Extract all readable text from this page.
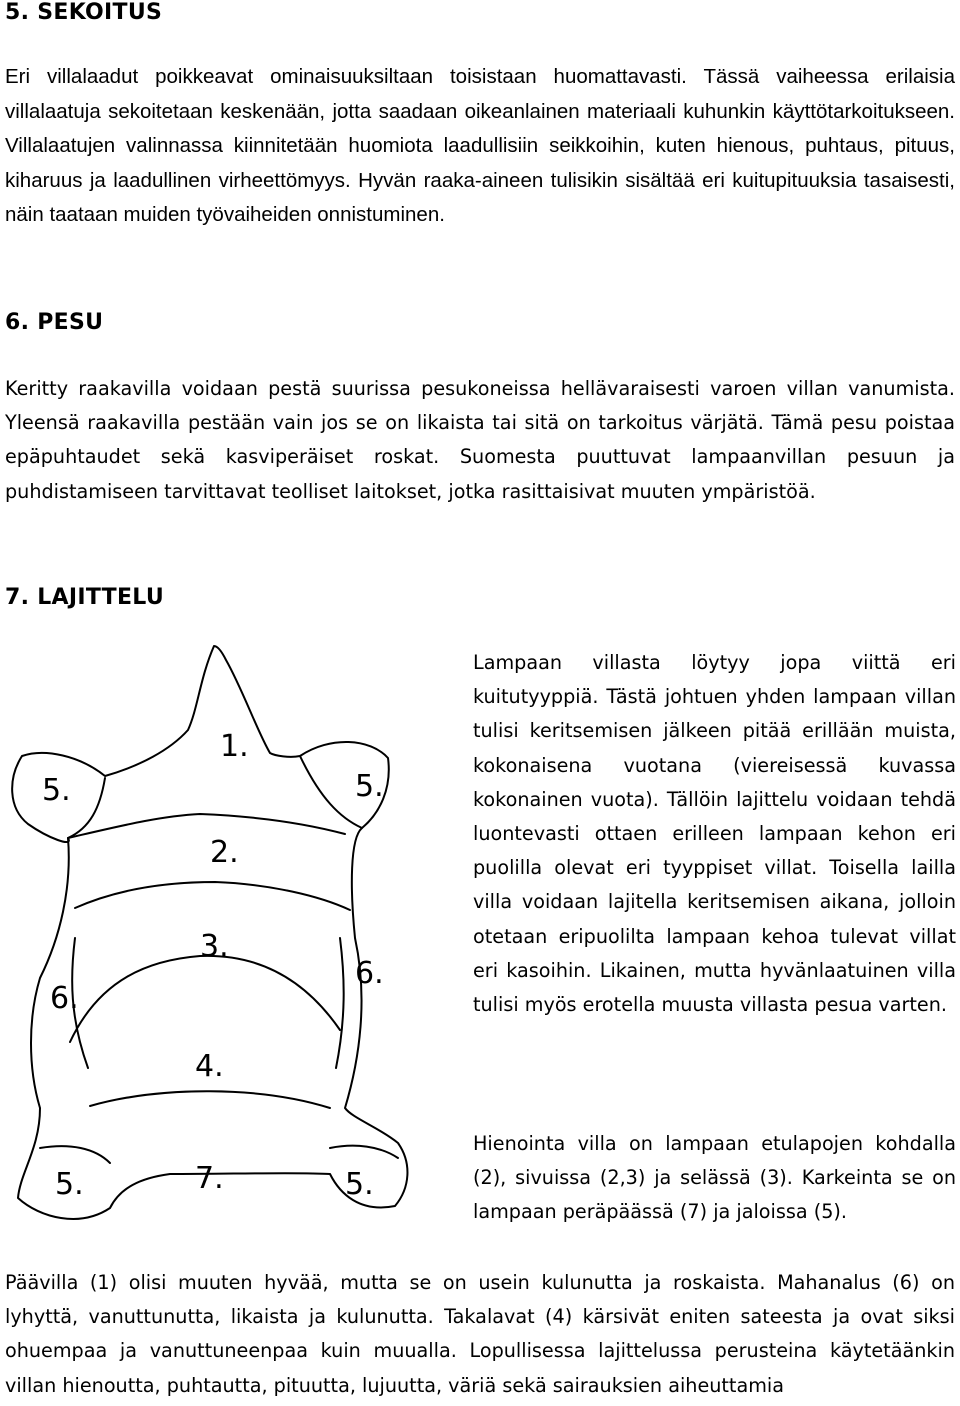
5. SEKOITUS

Eri villalaadut poikkeavat ominaisuuksiltaan toisistaan huomattavasti. Tässä vaiheessa erilaisia villalaatuja sekoitetaan keskenään, jotta saadaan oikeanlainen materiaali kuhunkin käyttötarkoitukseen. Villalaatujen valinnassa kiinnitetään huomiota laadullisiin seikkoihin, kuten hienous, puhtaus, pituus, kiharuus ja laadullinen virheettömyys. Hyvän raaka-aineen tulisikin sisältää eri kuitupituuksia tasaisesti, näin taataan muiden työvaiheiden onnistuminen.

6. PESU

Keritty raakavilla voidaan pestä suurissa pesukoneissa hellävaraisesti varoen villan vanumista. Yleensä raakavilla pestään vain jos se on likaista tai sitä on tarkoitus värjätä. Tämä pesu poistaa epäpuhtaudet sekä kasviperäiset roskat. Suomesta puuttuvat lampaanvillan pesuun ja puhdistamiseen tarvittavat teolliset laitokset, jotka rasittaisivat muuten ympäristöä.

7. LAJITTELU
1.
2.
3.
4.
5.	5.
5.	5.
6.
6.
7.

Lampaan villasta löytyy jopa viittä eri kuitutyyppiä. Tästä johtuen yhden lampaan villan tulisi keritsemisen jälkeen pitää erillään muista, kokonaisena vuotana (viereisessä kuvassa kokonainen vuota). Tällöin lajittelu voidaan tehdä luontevasti ottaen erilleen lampaan kehon eri puolilla olevat eri tyyppiset villat. Toisella lailla villa voidaan lajitella keritsemisen aikana, jolloin otetaan eripuolilta lampaan kehoa tulevat villat eri kasoihin. Likainen, mutta hyvänlaatuinen villa tulisi myös erotella muusta villasta pesua varten.

Hienointa villa on lampaan etulapojen kohdalla (2), sivuissa (2,3) ja selässä (3). Karkeinta se on lampaan peräpäässä (7) ja jaloissa (5).

Päävilla (1) olisi muuten hyvää, mutta se on usein kulunutta ja roskaista. Mahanalus (6) on lyhyttä, vanuttunutta, likaista ja kulunutta. Takalavat (4) kärsivät eniten sateesta ja ovat siksi ohuempaa ja vanuttuneenpaa kuin muualla. Lopullisessa lajittelussa perusteina käytetäänkin villan hienoutta, puhtautta, pituutta, lujuutta, väriä sekä sairauksien aiheuttamia
